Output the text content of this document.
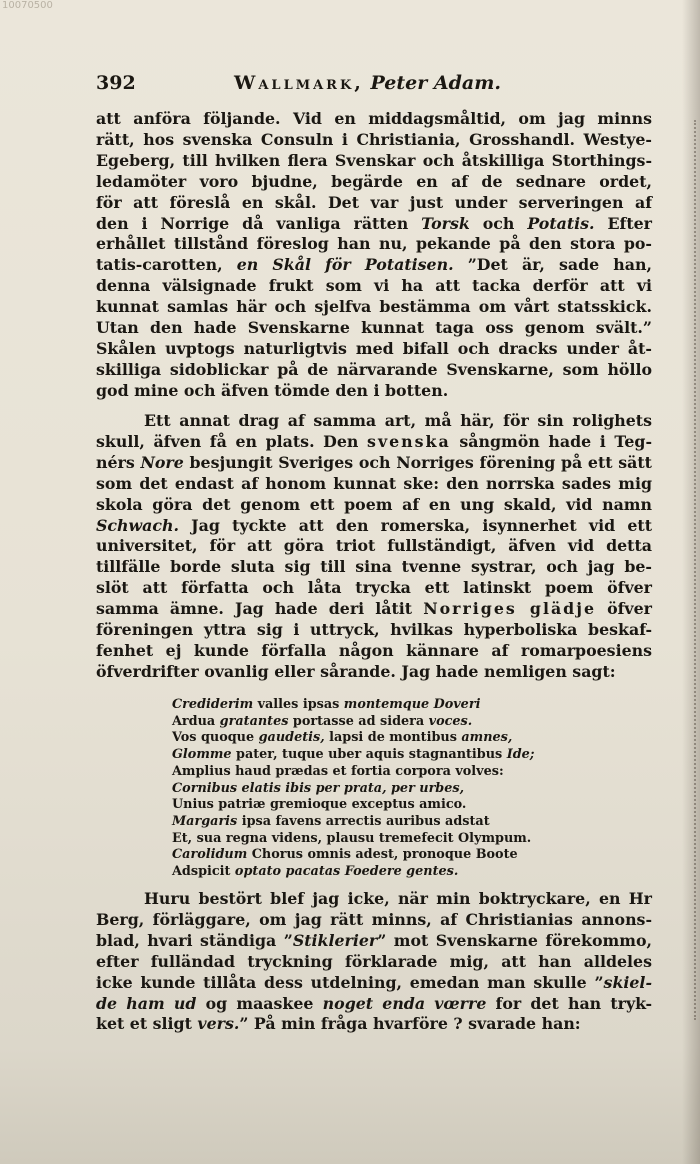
10070500
392	Wallmark, Peter Adam.

att anföra följande. Vid en middagsmåltid, om jag minns
rätt, hos svenska Consuln i Christiania, Grosshandl. Westye-
Egeberg, till hvilken flera Svenskar och åtskilliga Storthings-
ledamöter voro bjudne, begärde en af de sednare ordet,
för att föreslå en skål. Det var just under serveringen af
den i Norrige då vanliga rätten Torsk och Potatis. Efter
erhållet tillstånd föreslog han nu, pekande på den stora po-
tatis-carotten, en Skål för Potatisen. ”Det är, sade han,
denna välsignade frukt som vi ha att tacka derför att vi
kunnat samlas här och sjelfva bestämma om vårt statsskick.
Utan den hade Svenskarne kunnat taga oss genom svält.”
Skålen uvptogs naturligtvis med bifall och dracks under åt-
skilliga sidoblickar på de närvarande Svenskarne, som höllo
god mine och äfven tömde den i botten.

Ett annat drag af samma art, må här, för sin rolighets
skull, äfven få en plats. Den svenska sångmön hade i Teg-
nérs Nore besjungit Sveriges och Norriges förening på ett sätt
som det endast af honom kunnat ske: den norrska sades mig
skola göra det genom ett poem af en ung skald, vid namn
Schwach. Jag tyckte att den romerska, isynnerhet vid ett
universitet, för att göra triot fullständigt, äfven vid detta
tillfälle borde sluta sig till sina tvenne systrar, och jag be-
slöt att författa och låta trycka ett latinskt poem öfver
samma ämne. Jag hade deri låtit Norriges glädje öfver
föreningen yttra sig i uttryck, hvilkas hyperboliska beskaf-
fenhet ej kunde förfalla någon kännare af romarpoesiens
öfverdrifter ovanlig eller sårande. Jag hade nemligen sagt:

Crediderim valles ipsas montemque Doveri
Ardua gratantes portasse ad sidera voces.
Vos quoque gaudetis, lapsi de montibus amnes,
Glomme pater, tuque uber aquis stagnantibus Ide;
Amplius haud prædas et fortia corpora volves:
Cornibus elatis ibis per prata, per urbes,
Unius patriæ gremioque exceptus amico.
Margaris ipsa favens arrectis auribus adstat
Et, sua regna videns, plausu tremefecit Olympum.
Carolidum Chorus omnis adest, pronoque Boote
Adspicit optato pacatas Foedere gentes.

Huru bestört blef jag icke, när min boktryckare, en Hr
Berg, förläggare, om jag rätt minns, af Christianias annons-
blad, hvari ständiga ”Stiklerier” mot Svenskarne förekommo,
efter fulländad tryckning förklarade mig, att han alldeles
icke kunde tillåta dess utdelning, emedan man skulle ”skiel-
de ham ud og maaskee noget enda vœrre for det han tryk-
ket et sligt vers.” På min fråga hvarföre ? svarade han:
